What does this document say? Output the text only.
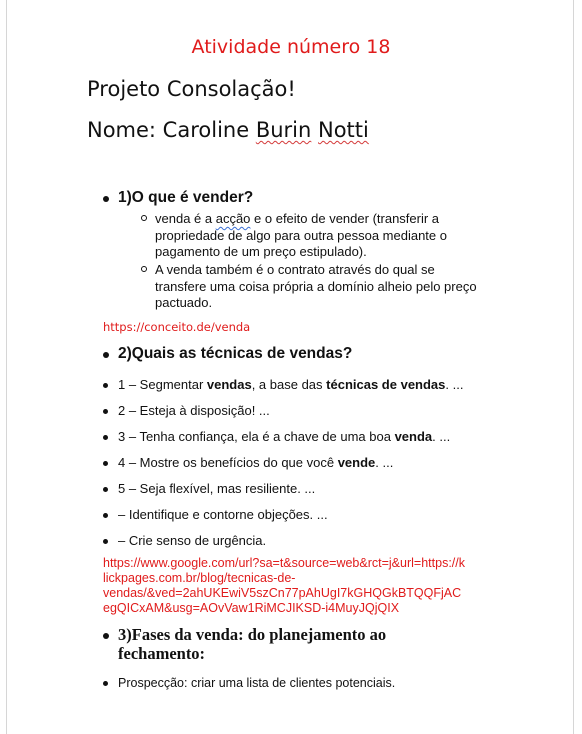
Atividade número 18
Projeto Consolação!
Nome: Caroline Burin Notti
1)O que é vender?
venda é a acção e o efeito de vender (transferir a
propriedade de algo para outra pessoa mediante o
pagamento de um preço estipulado).
A venda também é o contrato através do qual se
transfere uma coisa própria a domínio alheio pelo preço
pactuado.
https://conceito.de/venda
2)Quais as técnicas de vendas?
1 – Segmentar vendas, a base das técnicas de vendas. ...
2 – Esteja à disposição! ...
3 – Tenha confiança, ela é a chave de uma boa venda. ...
4 – Mostre os benefícios do que você vende. ...
5 – Seja flexível, mas resiliente. ...
– Identifique e contorne objeções. ...
– Crie senso de urgência.
https://www.google.com/url?sa=t&source=web&rct=j&url=https://k
lickpages.com.br/blog/tecnicas-de-
vendas/&ved=2ahUKEwiV5szCn77pAhUgI7kGHQGkBTQQFjAC
egQICxAM&usg=AOvVaw1RiMCJIKSD-i4MuyJQjQIX
3)Fases da venda: do planejamento ao
fechamento:
Prospecção: criar uma lista de clientes potenciais.
